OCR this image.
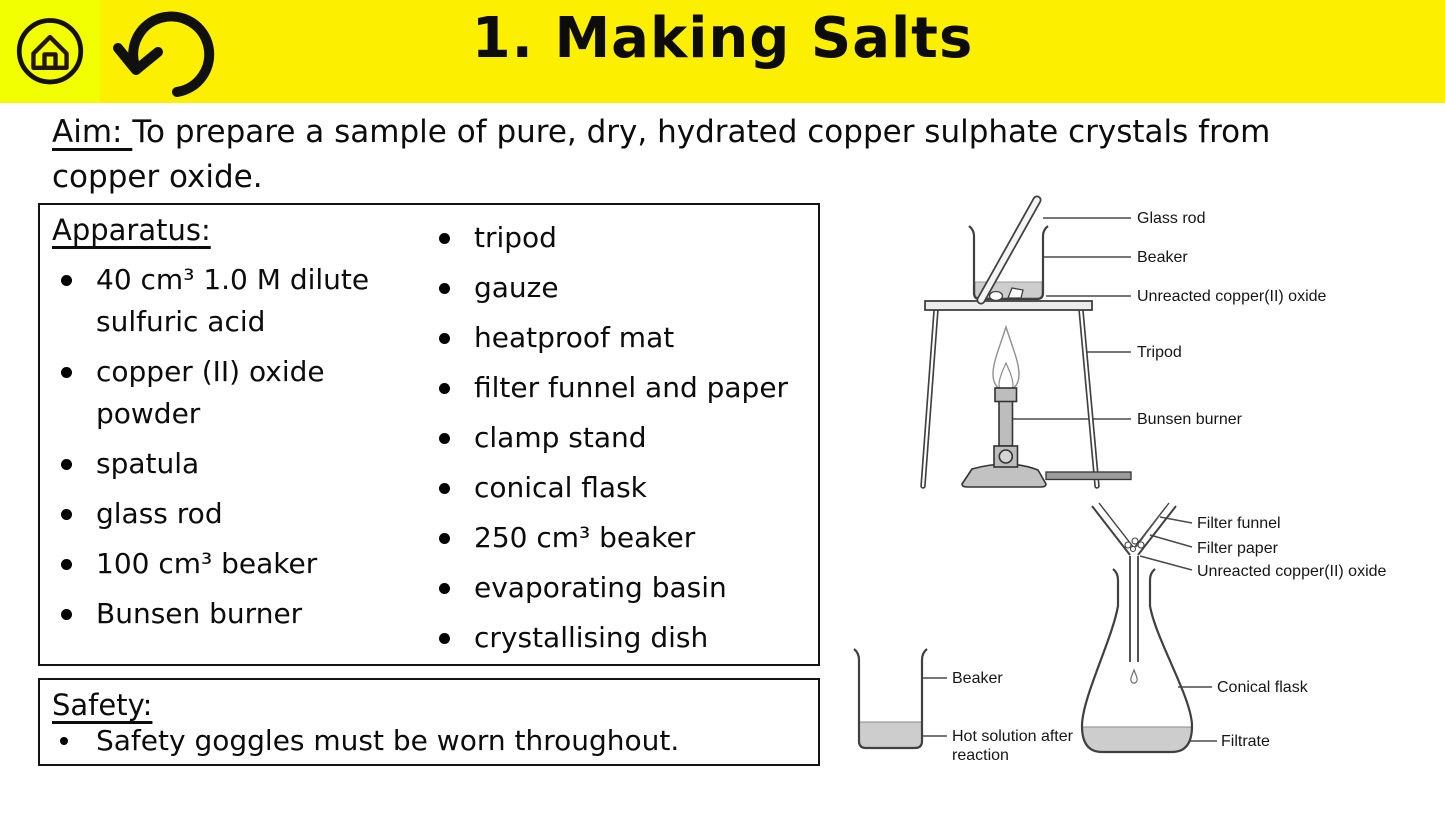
1. Making Salts
Aim: To prepare a sample of pure, dry, hydrated copper sulphate crystals from
copper oxide.
Apparatus:
40 cm³ 1.0 M dilute sulfuric acid
copper (II) oxide powder
spatula
glass rod
100 cm³ beaker
Bunsen burner
tripod
gauze
heatproof mat
filter funnel and paper
clamp stand
conical flask
250 cm³ beaker
evaporating basin
crystallising dish
Safety:
Safety goggles must be worn throughout.
Glass rod
Beaker
Unreacted copper(II) oxide
Tripod
Bunsen burner
Filter funnel
Filter paper
Unreacted copper(II) oxide
Conical flask
Filtrate
Beaker
Hot solution after reaction
